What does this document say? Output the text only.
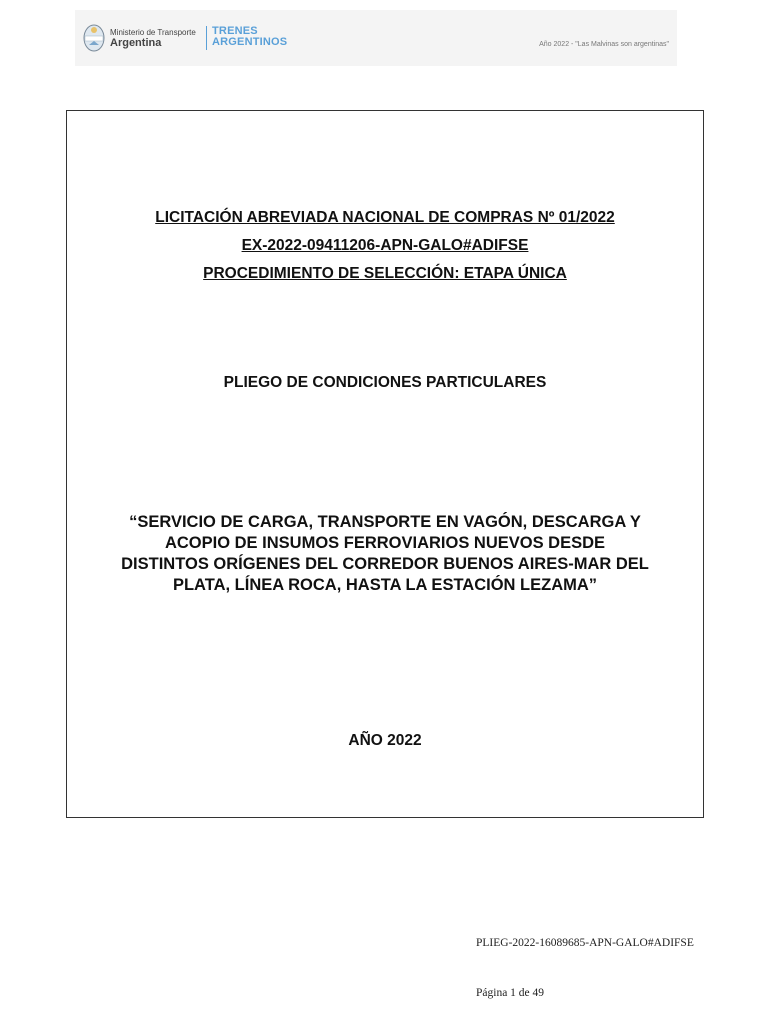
Ministerio de Transporte
Argentina
TRENES
ARGENTINOS	Año 2022 - "Las Malvinas son argentinas"
LICITACIÓN ABREVIADA NACIONAL DE COMPRAS Nº 01/2022
EX-2022-09411206-APN-GALO#ADIFSE
PROCEDIMIENTO DE SELECCIÓN: ETAPA ÚNICA
PLIEGO DE CONDICIONES PARTICULARES
“SERVICIO DE CARGA, TRANSPORTE EN VAGÓN, DESCARGA Y
ACOPIO DE INSUMOS FERROVIARIOS NUEVOS DESDE
DISTINTOS ORÍGENES DEL CORREDOR BUENOS AIRES-MAR DEL
PLATA, LÍNEA ROCA, HASTA LA ESTACIÓN LEZAMA”
AÑO 2022
PLIEG-2022-16089685-APN-GALO#ADIFSE
Página 1 de 49
